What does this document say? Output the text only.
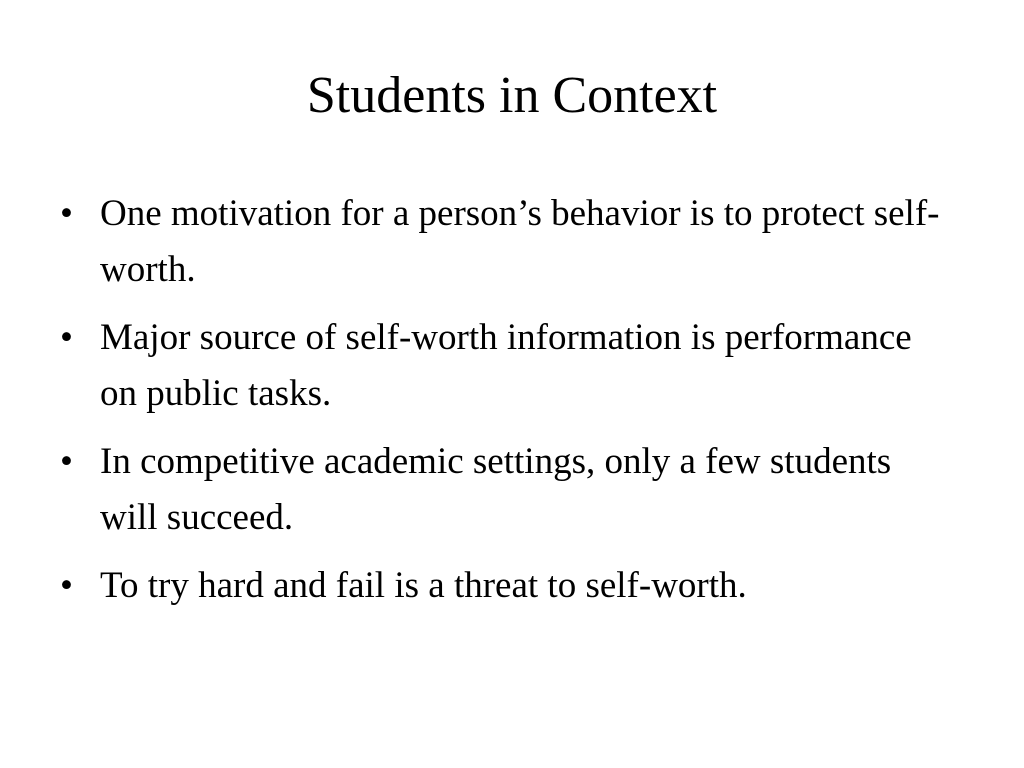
Students in Context
• One motivation for a person’s behavior is to protect self-worth.
• Major source of self-worth information is performance on public tasks.
• In competitive academic settings, only a few students will succeed.
• To try hard and fail is a threat to self-worth.
